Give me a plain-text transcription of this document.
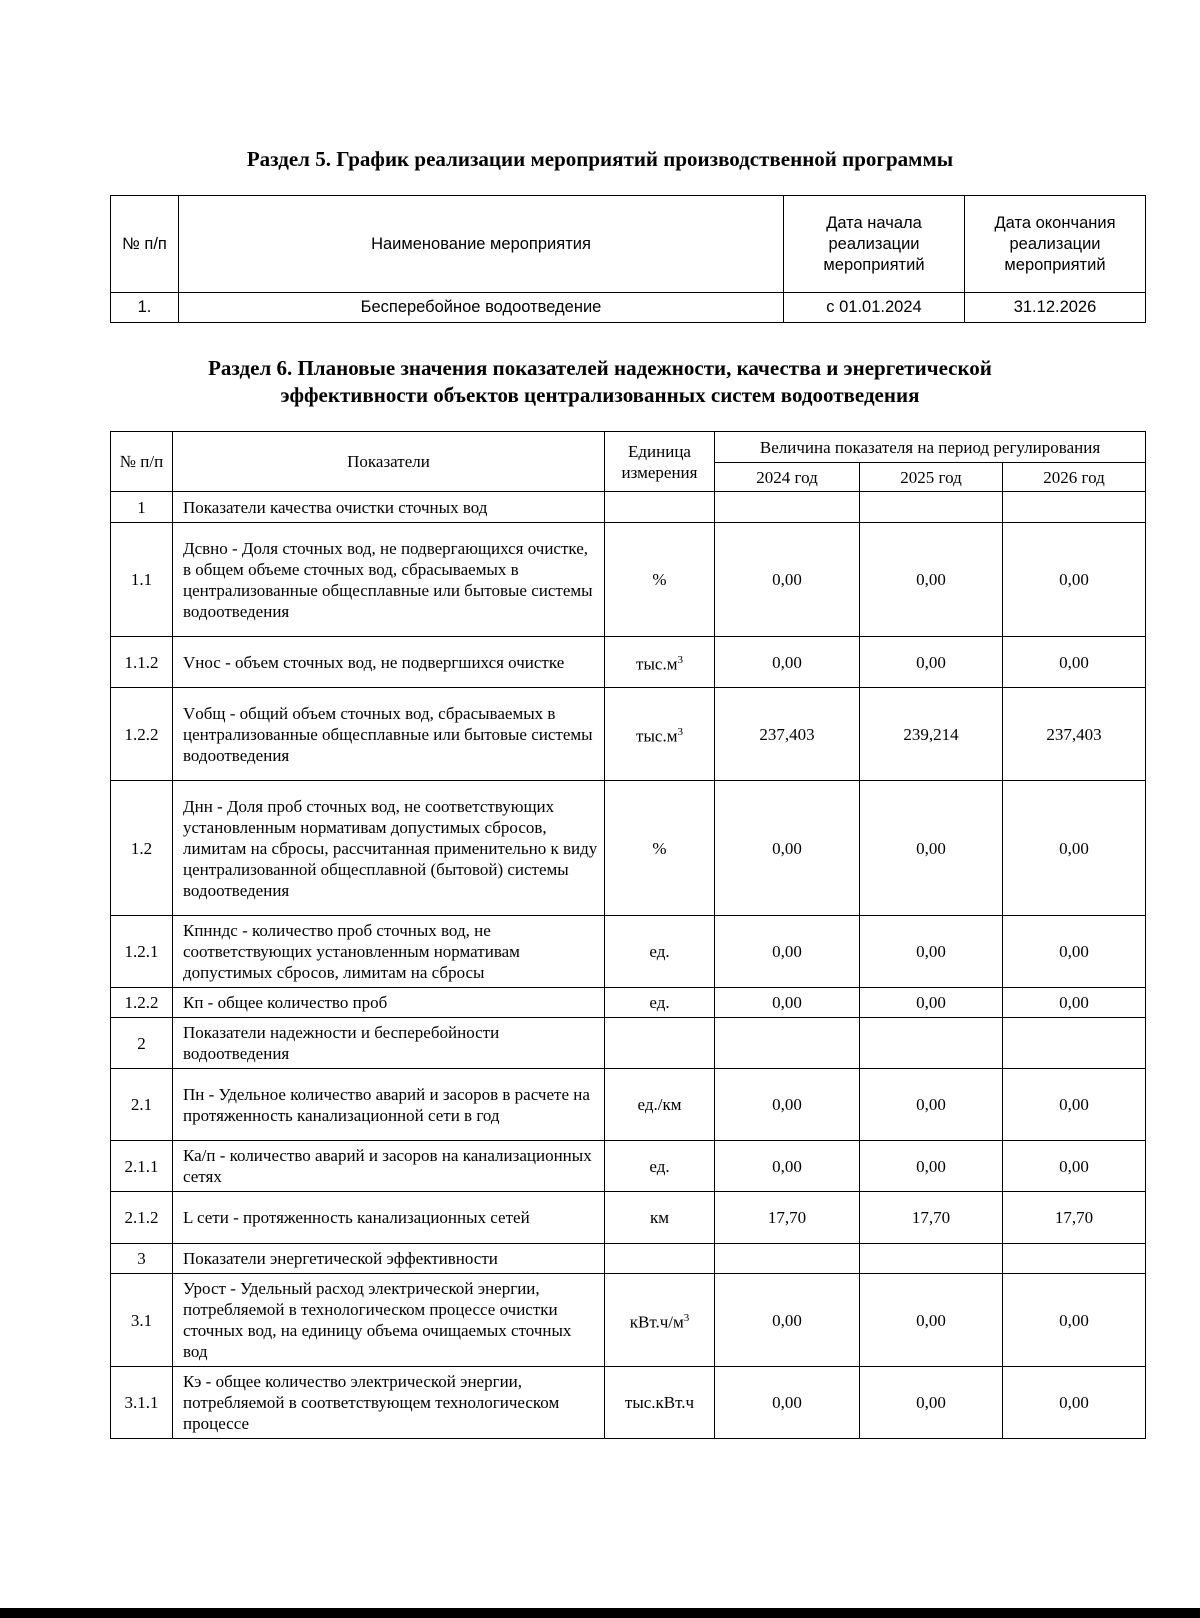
Раздел 5. График реализации мероприятий производственной программы
№ п/п	Наименование мероприятия	Дата начала реализации мероприятий	Дата окончания реализации мероприятий
1.	Бесперебойное водоотведение	с 01.01.2024	31.12.2026
Раздел 6. Плановые значения показателей надежности, качества и энергетической
эффективности объектов централизованных систем водоотведения
№ п/п	Показатели	Единица измерения	Величина показателя на период регулирования		
			2024 год	2025 год	2026 год
1	Показатели качества очистки сточных вод				
1.1	Дсвно - Доля сточных вод, не подвергающихся очистке, в общем объеме сточных вод, сбрасываемых в централизованные общесплавные или бытовые системы водоотведения	%	0,00	0,00	0,00
1.1.2	Vнос - объем сточных вод, не подвергшихся очистке	$тыс.м^3$	0,00	0,00	0,00
1.2.2	Vобщ - общий объем сточных вод, сбрасываемых в централизованные общесплавные или бытовые системы водоотведения	$тыс.м^3$	237,403	239,214	237,403
1.2	Днн - Доля проб сточных вод, не соответствующих установленным нормативам допустимых сбросов, лимитам на сбросы, рассчитанная применительно к виду централизованной общесплавной (бытовой) системы водоотведения	%	0,00	0,00	0,00
1.2.1	Кпнндс - количество проб сточных вод, не соответствующих установленным нормативам допустимых сбросов, лимитам на сбросы	ед.	0,00	0,00	0,00
1.2.2	Кп - общее количество проб	ед.	0,00	0,00	0,00
2	Показатели надежности и бесперебойности водоотведения				
2.1	Пн - Удельное количество аварий и засоров в расчете на протяженность канализационной сети в год	ед./км	0,00	0,00	0,00
2.1.1	Ка/п - количество аварий и засоров на канализационных сетях	ед.	0,00	0,00	0,00
2.1.2	L сети - протяженность канализационных сетей	км	17,70	17,70	17,70
3	Показатели энергетической эффективности				
3.1	Урост - Удельный расход электрической энергии, потребляемой в технологическом процессе очистки сточных вод, на единицу объема очищаемых сточных вод	$кВт.ч/м^3$	0,00	0,00	0,00
3.1.1	Кэ - общее количество электрической энергии, потребляемой в соответствующем технологическом процессе	тыс.кВт.ч	0,00	0,00	0,00
